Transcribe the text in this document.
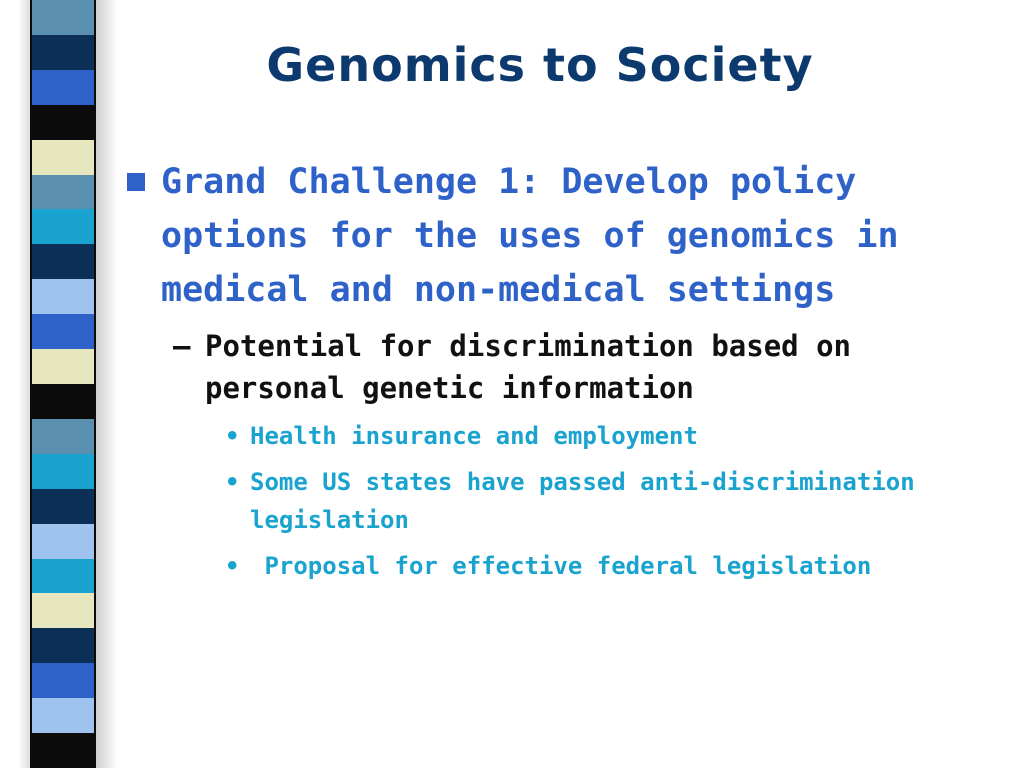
Genomics to Society
Grand Challenge 1: Develop policy options for the uses of genomics in medical and non-medical settings
– Potential for discrimination based on personal genetic information
• Health insurance and employment
• Some US states have passed anti-discrimination legislation
• Proposal for effective federal legislation
